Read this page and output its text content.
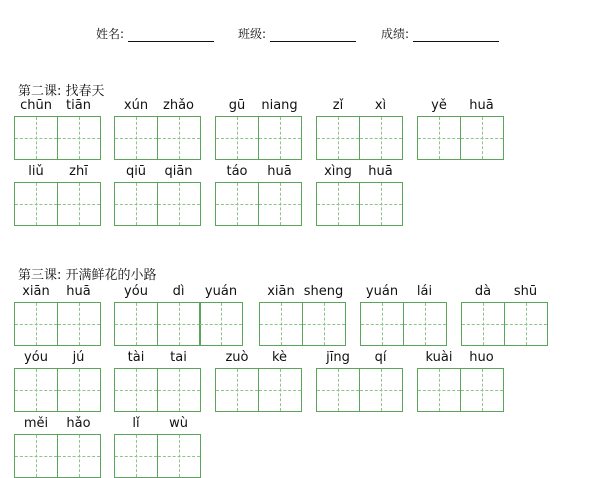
姓名:	班级:	成绩:
第二课: 找春天
第三课: 开满鲜花的小路
chūn	tiān	xún	zhǎo	gū	niang	zǐ	xì	yě	huā
liǔ	zhī	qiū	qiān	táo	huā	xìng	huā
xiān	huā	yóu	dì	yuán	xiān sheng	yuán	lái	dà	shū
yóu	jú	tài	tai	zuò	kè	jīng	qí	kuài	huo
měi	hǎo	lǐ	wù
